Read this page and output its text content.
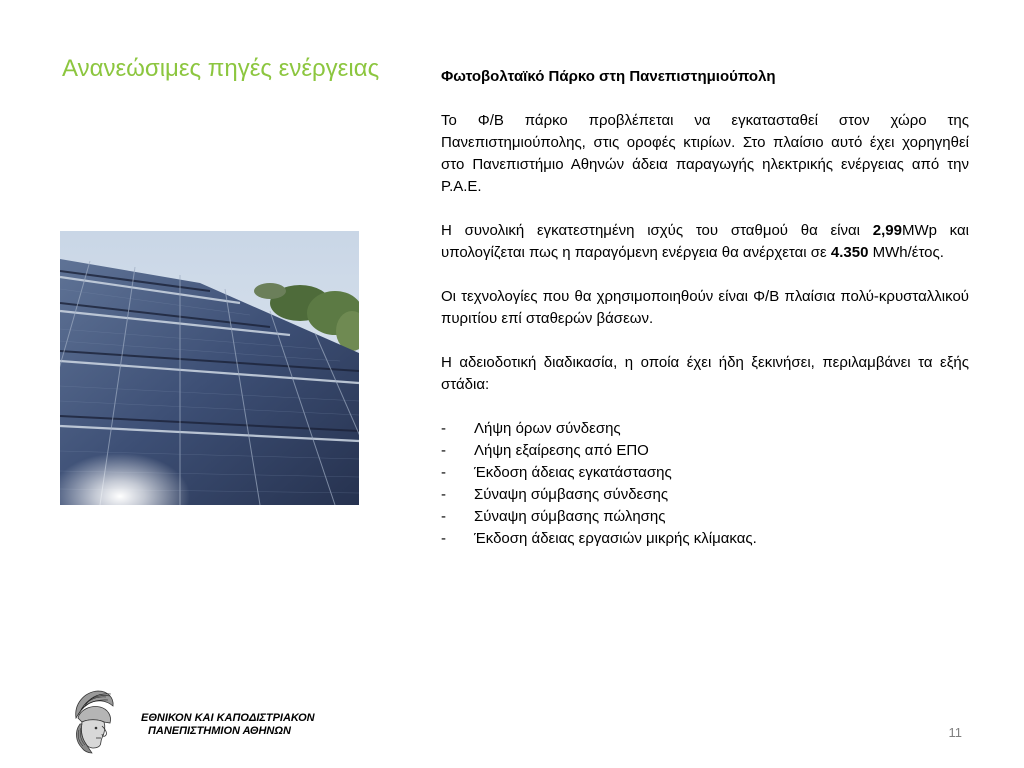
Ανανεώσιμες πηγές ενέργειας	Φωτοβολταϊκό Πάρκο στη Πανεπιστημιούπολη

Το Φ/Β πάρκο προβλέπεται να εγκατασταθεί στον χώρο της Πανεπιστημιούπολης, στις οροφές κτιρίων. Στο πλαίσιο αυτό έχει χορηγηθεί στο Πανεπιστήμιο Αθηνών άδεια παραγωγής ηλεκτρικής ενέργειας από την Ρ.Α.Ε.

Η συνολική εγκατεστημένη ισχύς του σταθμού θα είναι 2,99MWp και υπολογίζεται πως η παραγόμενη ενέργεια θα ανέρχεται σε 4.350 MWh/έτος.

Οι τεχνολογίες που θα χρησιμοποιηθούν είναι Φ/Β πλαίσια πολύ-κρυσταλλικού πυριτίου επί σταθερών βάσεων.

Η αδειοδοτική διαδικασία, η οποία έχει ήδη ξεκινήσει, περιλαμβάνει τα εξής στάδια:

- Λήψη όρων σύνδεσης
- Λήψη εξαίρεσης από ΕΠΟ
- Έκδοση άδειας εγκατάστασης
- Σύναψη σύμβασης σύνδεσης
- Σύναψη σύμβασης πώλησης
- Έκδοση άδειας εργασιών μικρής κλίμακας.
ΕΘΝΙΚΟΝ ΚΑΙ ΚΑΠΟΔΙΣΤΡΙΑΚΟΝ
ΠΑΝΕΠΙΣΤΗΜΙΟΝ ΑΘΗΝΩΝ	11
